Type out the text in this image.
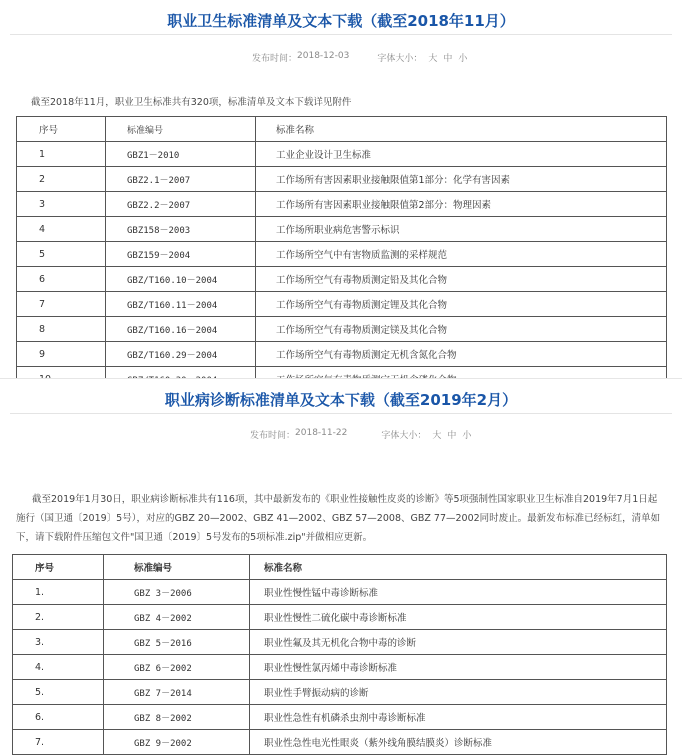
职业卫生标准清单及文本下载（截至2018年11月）
发布时间： 2018-12-03	字体大小： 大 中 小
截至2018年11月，职业卫生标准共有320项，标准清单及文本下载详见附件
序号	标准编号	标准名称
1	GBZ1－2010	工业企业设计卫生标准
2	GBZ2.1－2007	工作场所有害因素职业接触限值第1部分：化学有害因素
3	GBZ2.2－2007	工作场所有害因素职业接触限值第2部分：物理因素
4	GBZ158－2003	工作场所职业病危害警示标识
5	GBZ159－2004	工作场所空气中有害物质监测的采样规范
6	GBZ/T160.10－2004	工作场所空气有毒物质测定铅及其化合物
7	GBZ/T160.11－2004	工作场所空气有毒物质测定锂及其化合物
8	GBZ/T160.16－2004	工作场所空气有毒物质测定镁及其化合物
9	GBZ/T160.29－2004	工作场所空气有毒物质测定无机含氮化合物

职业病诊断标准清单及文本下载（截至2019年2月）
发布时间： 2018-11-22	字体大小： 大 中 小
截至2019年1月30日，职业病诊断标准共有116项，其中最新发布的《职业性接触性皮炎的诊断》等5项强制性国家职业卫生标准自2019年7月1日起施行（国卫通〔2019〕5号），对应的GBZ 20—2002、GBZ 41—2002、GBZ 57—2008、GBZ 77—2002同时废止。最新发布标准已经标红，清单如下，请下载附件压缩包文件"国卫通〔2019〕5号发布的5项标准.zip"并做相应更新。
序号	标准编号	标准名称
1.	GBZ 3－2006	职业性慢性锰中毒诊断标准
2.	GBZ 4－2002	职业性慢性二硫化碳中毒诊断标准
3.	GBZ 5－2016	职业性氟及其无机化合物中毒的诊断
4.	GBZ 6－2002	职业性慢性氯丙烯中毒诊断标准
5.	GBZ 7－2014	职业性手臂振动病的诊断
6.	GBZ 8－2002	职业性急性有机磷杀虫剂中毒诊断标准
7.	GBZ 9－2002	职业性急性电光性眼炎（紫外线角膜结膜炎）诊断标准
